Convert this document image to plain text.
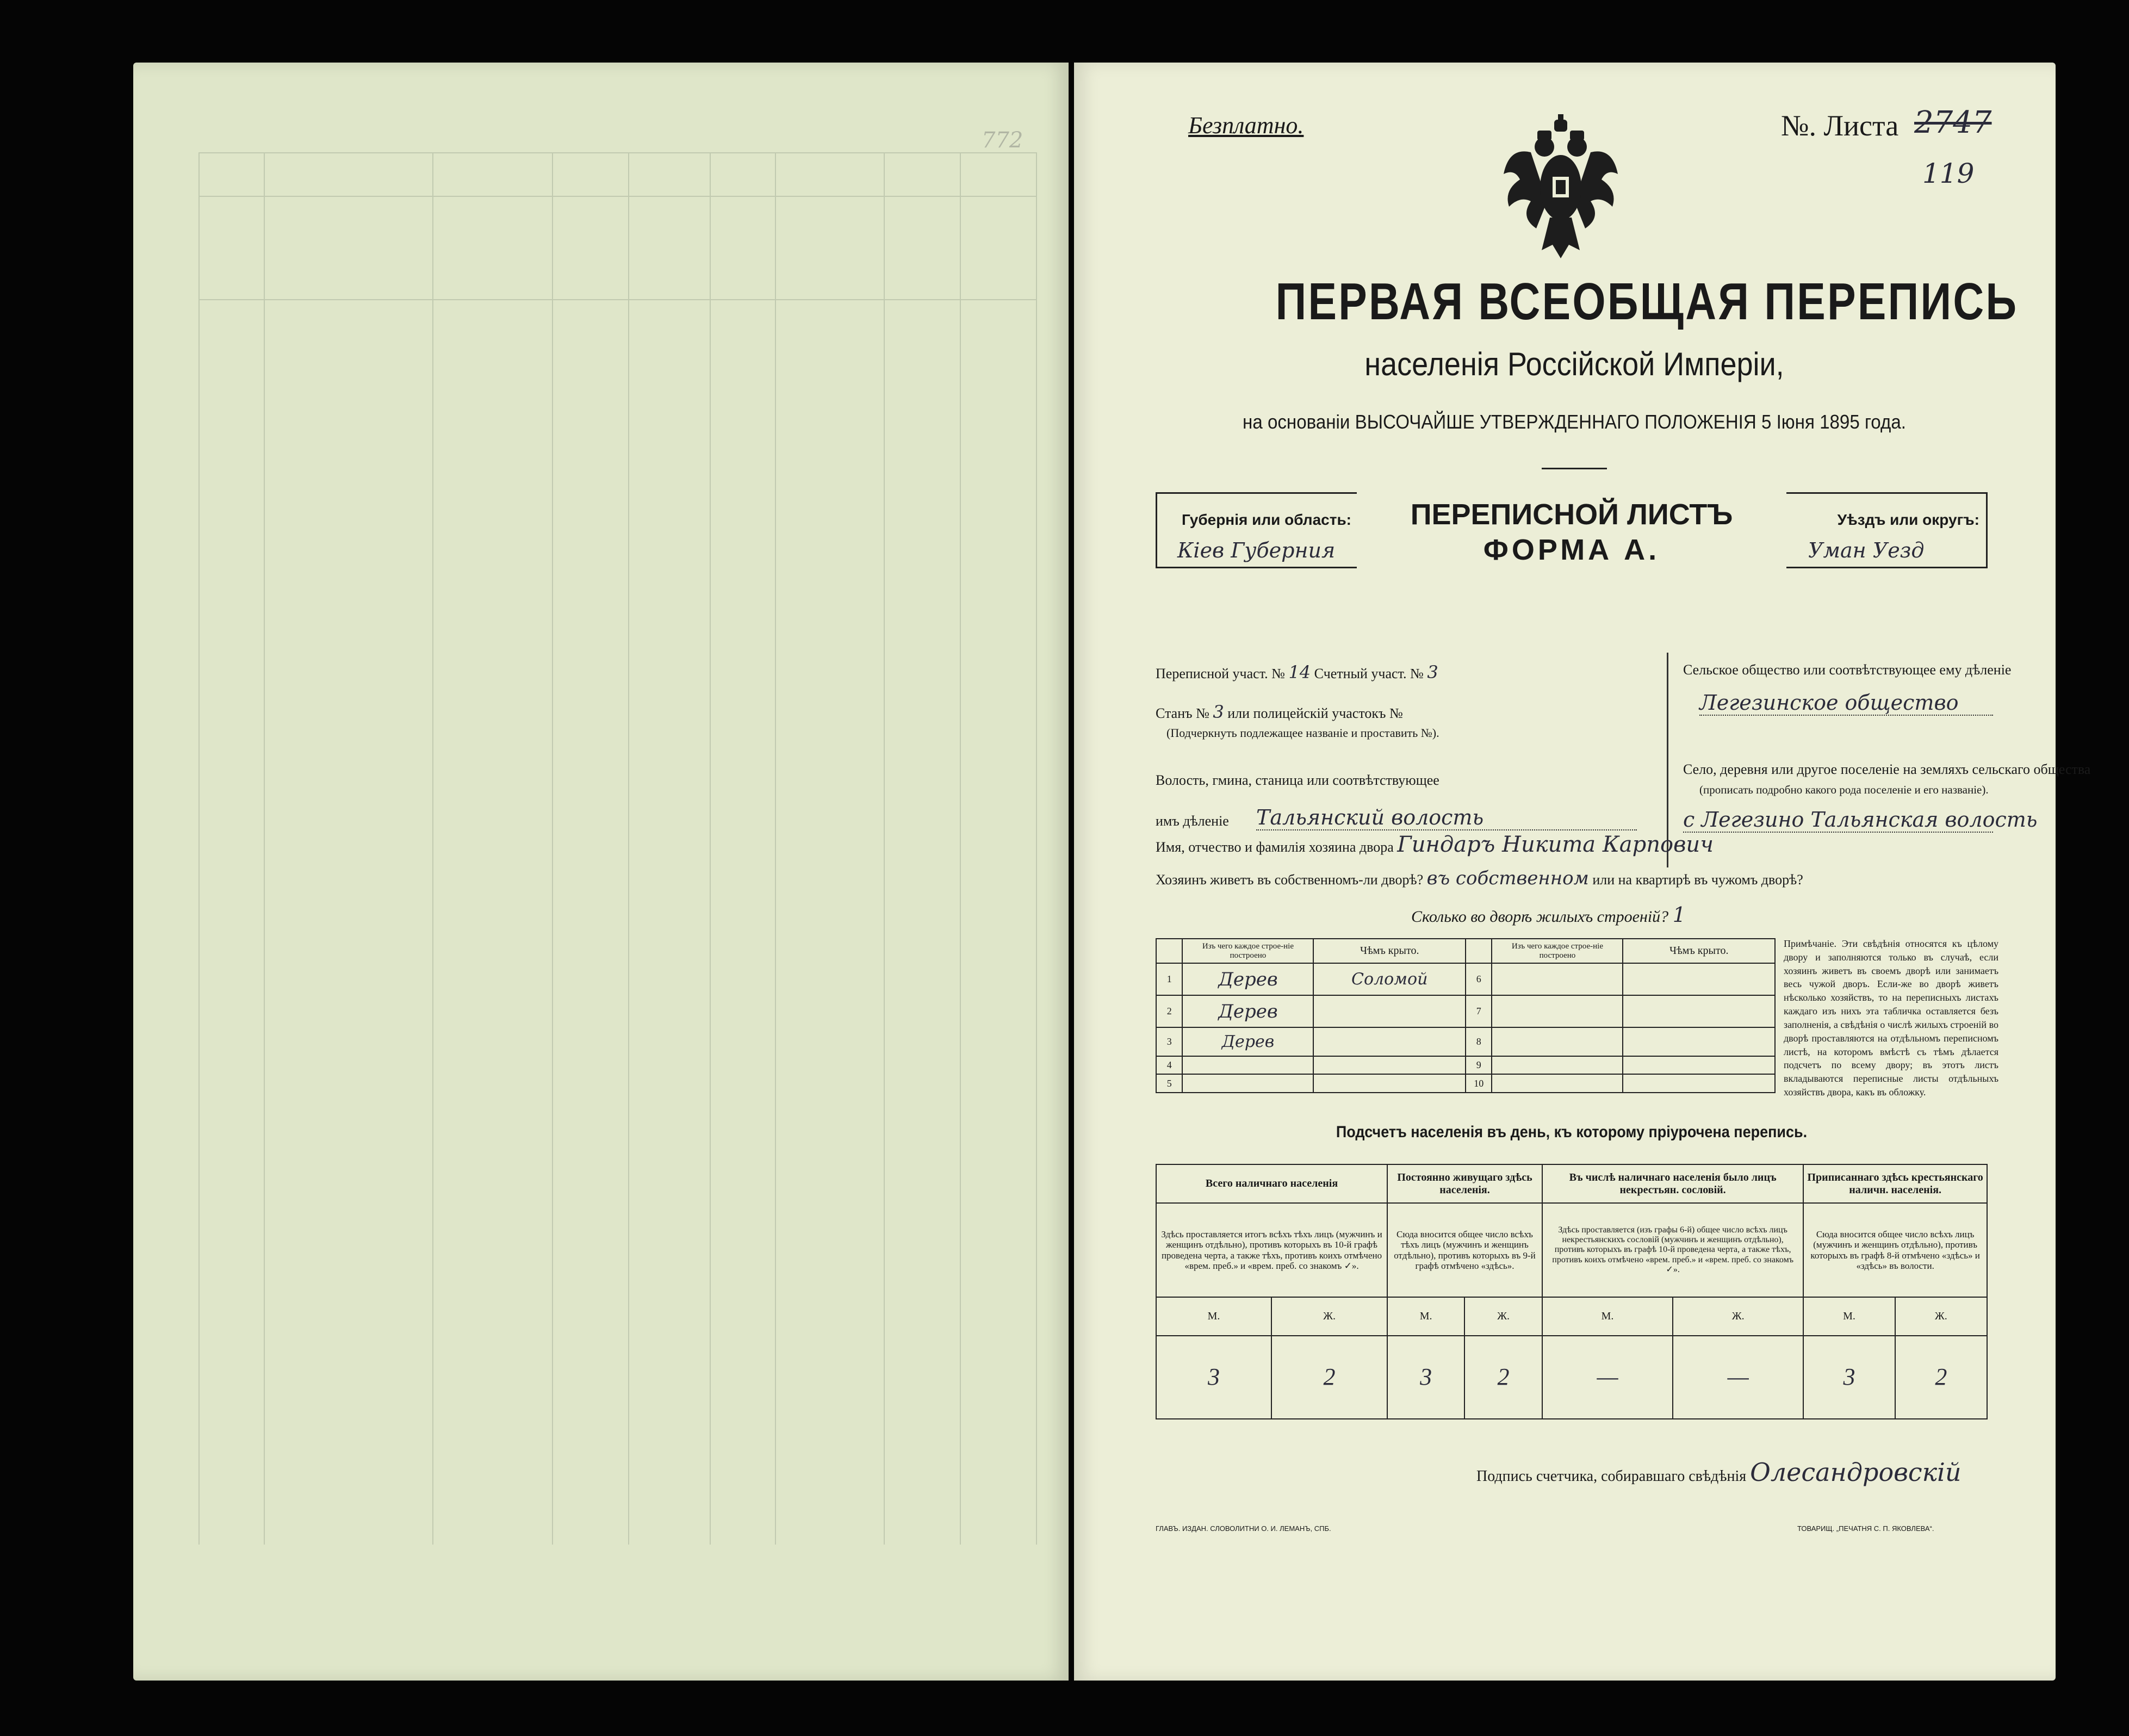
772
Безплатно.	№. Листа 2747
119
ПЕРВАЯ ВСЕОБЩАЯ ПЕРЕПИСЬ
населенія Россійской Имперіи,
на основаніи ВЫСОЧАЙШЕ УТВЕРЖДЕННАГО ПОЛОЖЕНІЯ 5 Іюня 1895 года.
Губернія или область:
Кiев Губерния
ПЕРЕПИСНОЙ ЛИСТЪ
ФОРМА А.
Уѣздъ или округъ:
Уман Уезд
Переписной участ. № 14 Счетный участ. № 3
Станъ № 3 или полицейскій участокъ №
(Подчеркнуть подлежащее названіе и проставить №).
Волость, гмина, станица или соотвѣтствующее
имъ дѣленіе Тальянский волость
Сельское общество или соотвѣтствующее ему дѣленіе
Легезинское общество
Село, деревня или другое поселеніе на земляхъ сельскаго общества
(прописать подробно какого рода поселеніе и его названіе).
с Легезино Тальянская волость
Имя, отчество и фамилія хозяина двора Гиндаръ Никита Карпович
Хозяинъ живетъ въ собственномъ-ли дворѣ? въ собственном или на квартирѣ въ чужомъ дворѣ?
Сколько во дворѣ жилыхъ строеній? 1
	Изъ чего каждое строе-ніе построено	Чѣмъ крыто.		Изъ чего каждое строе-ніе построено	Чѣмъ крыто.
1	Дерев	Соломой	6		
2	Дерев		7		
3	Дерев		8		
4			9		
5			10		
Примѣчаніе. Эти свѣдѣнія относятся къ цѣлому двору и заполняются только въ случаѣ, если хозяинъ живетъ въ своемъ дворѣ или занимаетъ весь чужой дворъ. Если-же во дворѣ живетъ нѣсколько хозяйствъ, то на переписныхъ листахъ каждаго изъ нихъ эта табличка оставляется безъ заполненія, а свѣдѣнія о числѣ жилыхъ строеній во дворѣ проставляются на отдѣльномъ переписномъ листѣ, на которомъ вмѣстѣ съ тѣмъ дѣлается подсчетъ по всему двору; въ этотъ листъ вкладываются переписные листы отдѣльныхъ хозяйствъ двора, какъ въ обложку.
Подсчетъ населенія въ день, къ которому пріурочена перепись.
Всего наличнаго населенія		Постоянно живущаго здѣсь населенія.		Въ числѣ наличнаго населенія было лицъ некрестьян. сословій.		Приписаннаго здѣсь крестьянскаго наличн. населенія.	
Здѣсь проставляется итогъ всѣхъ тѣхъ лицъ (мужчинъ и женщинъ отдѣльно), противъ которыхъ въ 10-й графѣ проведена черта, а также тѣхъ, противъ коихъ отмѣчено «врем. преб.» и «врем. преб. со знакомъ ✓».		Сюда вносится общее число всѣхъ тѣхъ лицъ (мужчинъ и женщинъ отдѣльно), противъ которыхъ въ 9-й графѣ отмѣчено «здѣсь».		Здѣсь проставляется (изъ графы 6-й) общее число всѣхъ лицъ некрестьянскихъ сословій (мужчинъ и женщинъ отдѣльно), противъ которыхъ въ графѣ 10-й проведена черта, а также тѣхъ, противъ коихъ отмѣчено «врем. преб.» и «врем. преб. со знакомъ ✓».		Сюда вносится общее число всѣхъ лицъ (мужчинъ и женщинъ отдѣльно), противъ которыхъ въ графѣ 8-й отмѣчено «здѣсь» и «здѣсь» въ волости.	
М.	Ж.	М.	Ж.	М.	Ж.	М.	Ж.
3	2	3	2	—	—	3	2
Подпись счетчика, собиравшаго свѣдѣнія Олесандровскiй
ГЛАВЪ. ИЗДАН. СЛОВОЛИТНИ О. И. ЛЕМАНЪ, СПБ.	ТОВАРИЩ. „ПЕЧАТНЯ С. П. ЯКОВЛЕВА“.
